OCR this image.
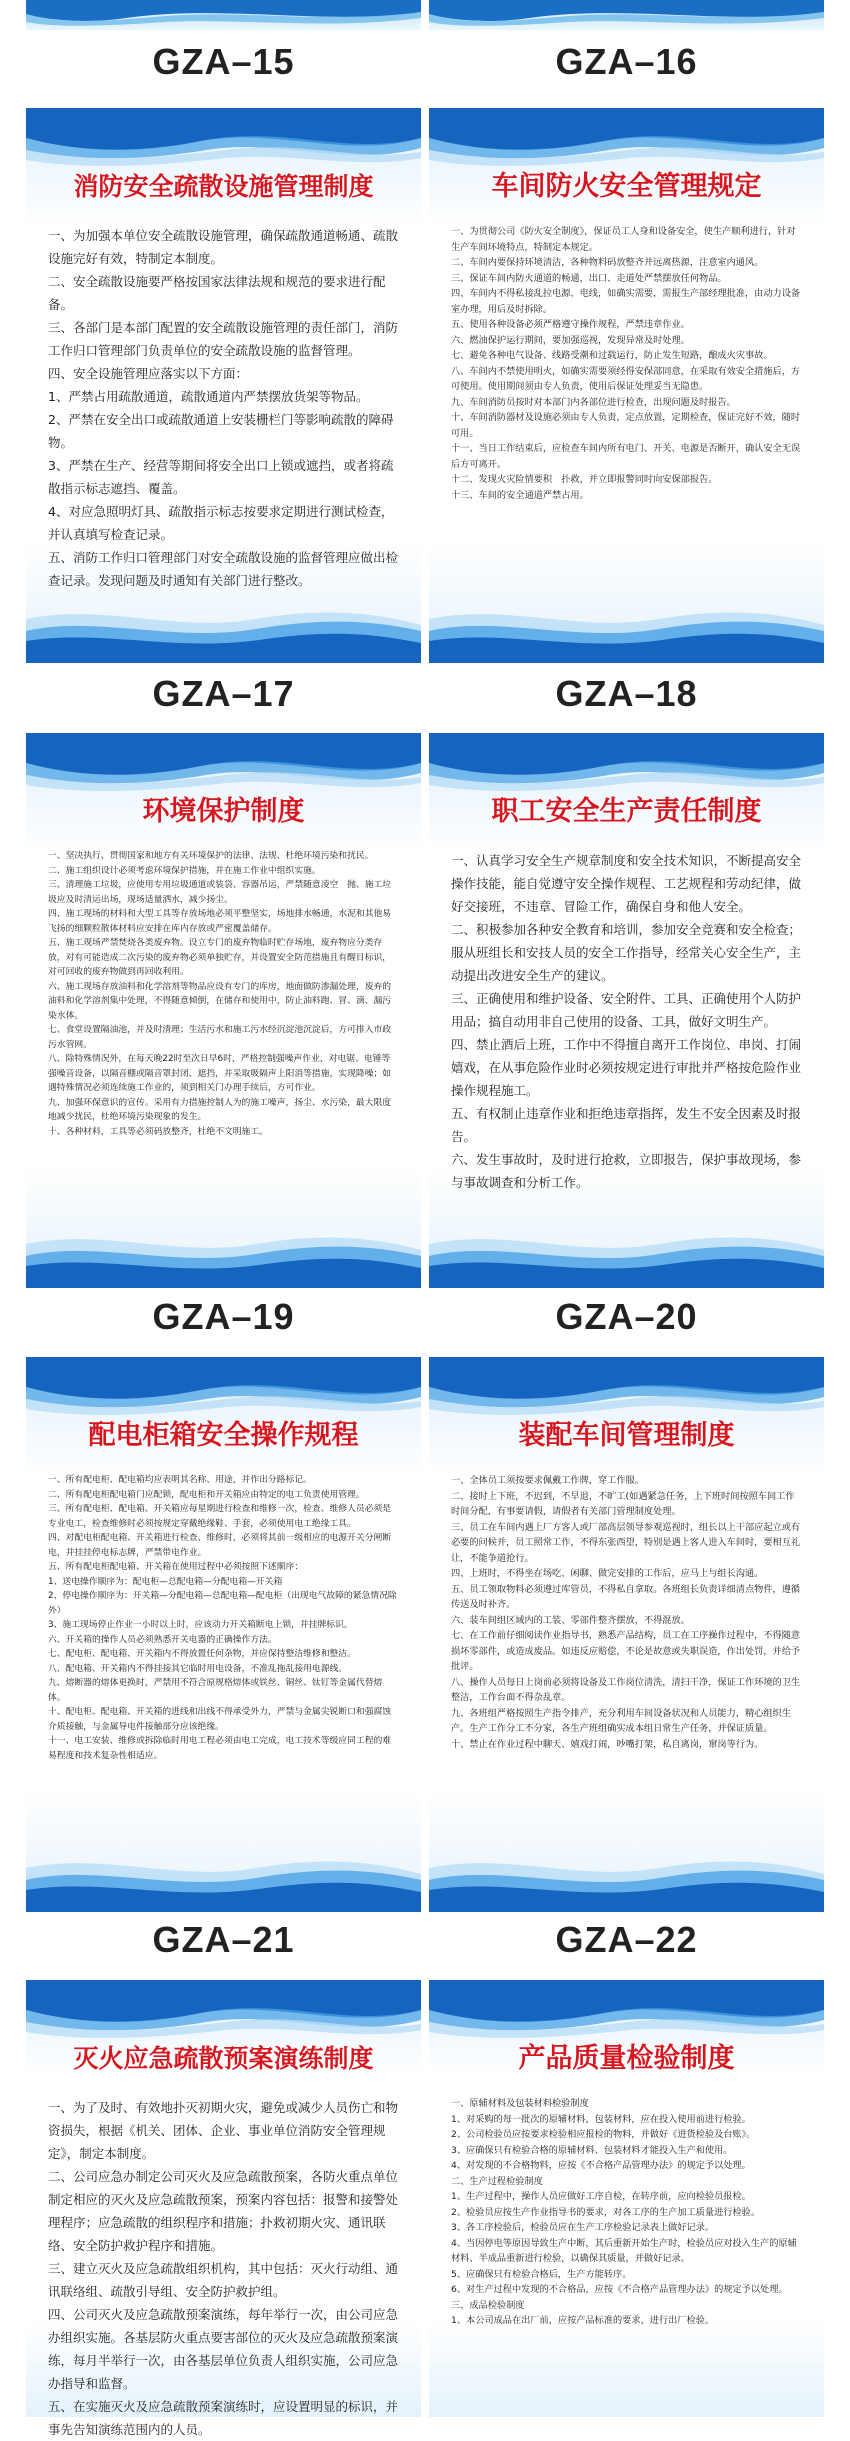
GZA–15	GZA–16
消防安全疏散设施管理制度

一、为加强本单位安全疏散设施管理，确保疏散通道畅通、疏散设施完好有效，特制定本制度。

二、安全疏散设施要严格按国家法律法规和规范的要求进行配　备。

三、各部门是本部门配置的安全疏散设施管理的责任部门，消防工作归口管理部门负责单位的安全疏散设施的监督管理。

四、安全设施管理应落实以下方面：

1、严禁占用疏散通道，疏散通道内严禁摆放货架等物品。

2、严禁在安全出口或疏散通道上安装栅栏门等影响疏散的障碍物。

3、严禁在生产、经营等期间将安全出口上锁或遮挡，或者将疏散指示标志遮挡、覆盖。

4、对应急照明灯具、疏散指示标志按要求定期进行测试检查，并认真填写检查记录。

五、消防工作归口管理部门对安全疏散设施的监督管理应做出检查记录。发现问题及时通知有关部门进行整改。

GZA–17
车间防火安全管理规定

一、为贯彻公司《防火安全制度》，保证员工人身和设备安全，使生产顺利进行，针对生产车间环境特点，特制定本规定。

二、车间内要保持环境清洁，各种物料码放整齐并远离热源，注意室内通风。

三、保证车间内防火通道的畅通，出口、走道处严禁摆放任何物品。

四、车间内不得私接乱拉电源、电线，如确实需要，需报生产部经理批准，由动力设备室办理，用后及时拆除。

五、使用各种设备必须严格遵守操作规程，严禁违章作业。

六、燃油保护运行期间，要加强巡视，发现异常及时处理。

七、避免各种电气设备、线路受潮和过载运行，防止发生短路，酿成火灾事故。

八、车间内不禁使用明火，如确实需要须经得安保部同意，在采取有效安全措施后，方可使用。使用期间须由专人负责，使用后保证处理妥当无隐患。

九、车间消防员按时对本部门内各部位进行检查，出现问题及时报告。

十、车间消防器材及设施必须由专人负责，定点放置，定期检查，保证完好不效，随时可用。

十一、当日工作结束后，应检查车间内所有电门、开关、电源是否断开，确认安全无误后方可离开。

十二、发现火灾险情要积　扑救，并立即报警同时向安保部报告。

十三、车间的安全通道严禁占用。

GZA–18
环境保护制度

一、坚决执行、贯彻国家和地方有关环境保护的法律、法规、杜绝环境污染和扰民。

二、施工组织设计必须考虑环境保护措施，并在施工作业中组织实施。

三、清理施工垃圾，应使用专用垃圾通道或装袋、容器吊运，严禁随意凌空　抛、施工垃圾应及时清运出场，现场适量洒水，减少扬尘。

四、施工现场的材料和大型工具等存放场地必须平整坚实，场地排水畅通，水泥和其他易飞扬的细颗粒散体材料应安排在库内存放或严密覆盖储存。

五、施工现场严禁焚烧各类废弃物。设立专门的废弃物临时贮存场地，废弃物应分类存放，对有可能造成二次污染的废弃物必须单独贮存，并设置安全防范措施且有醒目标识，对可回收的废弃物做到再回收利用。

六、施工现场存放油料和化学溶剂等物品应设有专门的库房，地面做防渗漏处理，废弃的油料和化学溶剂集中处理，不得随意倾倒，在储存和使用中，防止油料跑、冒、滴、漏污染水体。

七、食堂设置隔油池，并及时清理；生活污水和施工污水经沉淀池沉淀后，方可排入市政污水管网。

八、除特殊情况外，在每天晚22时至次日早6时，严格控制强噪声作业，对电锯、电锤等强噪音设备，以隔音棚或隔音罩封闭、遮挡，并采取吸隔声上阳消等措施，实现降噪；如遇特殊情况必须连续施工作业的，须到相关门办理手续后，方可作业。

九、加强环保意识的宣传。采用有力措施控制人为的施工噪声，扬尘、水污染，最大限度地减少扰民，杜绝环境污染现象的发生。

十、各种材料，工具等必须码放整齐，杜绝不文明施工。

GZA–19
职工安全生产责任制度

一、认真学习安全生产规章制度和安全技术知识，不断提高安全操作技能，能自觉遵守安全操作规程、工艺规程和劳动纪律，做好交接班，不违章、冒险工作，确保自身和他人安全。

二、积极参加各种安全教育和培训，参加安全竞赛和安全检查；服从班组长和安技人员的安全工作指导，经常关心安全生产，主动提出改进安全生产的建议。

三、正确使用和维护设备、安全附件、工具、正确使用个人防护用品；搞自动用非自己使用的设备、工具，做好文明生产。

四、禁止酒后上班，工作中不得擅自离开工作岗位、串岗、打闹嬉戏，在从事危险作业时必须按规定进行审批并严格按危险作业操作规程施工。

五、有权制止违章作业和拒绝违章指挥，发生不安全因素及时报告。

六、发生事故时，及时进行抢救，立即报告，保护事故现场，参与事故调查和分析工作。

GZA–20
配电柜箱安全操作规程

一、所有配电柜、配电箱均应表明其名称、用途，并作出分路标记。

二、所有配电柜配电箱门应配锁，配电柜和开关箱应由特定的电工负责使用管理。

三、所有配电柜、配电箱、开关箱应每星期进行检查和维修一次，检查、维修人员必须是专业电工，检查维修时必须按规定穿戴绝缘鞋、手套，必须使用电工绝缘工具。

四、对配电柜配电箱、开关箱进行检查、维修时，必须将其前一级相应的电源开关分闸断电，并挂挂停电标志牌，严禁带电作业。

五、所有配电柜配电箱、开关箱在使用过程中必须按照下述顺序：

1、送电操作顺序为：配电柜—总配电箱—分配电箱—开关箱

2、停电操作顺序为：开关箱—分配电箱—总配电箱—配电柜（出现电气故障的紧急情况除外）

3、施工现场停止作业一小时以上时，应该动力开关箱断电上锁，并挂牌标识。

六、开关箱的操作人员必须熟悉开关电器的正确操作方法。

七、配电柜、配电箱、开关箱内不得放置任何杂物，并应保持整洁维修和整洁。

八、配电箱、开关箱内不得挂接其它临时用电设备，不准乱拖乱接用电源线。

九、熔断器的熔体更换时，严禁用不符合原规格熔体或铁丝、铜丝、钛钉等金属代替熔体。

十、配电柜、配电箱、开关箱的进线和出线不得承受外力，严禁与金属尖锐断口和强腐蚀介质接触，与金属导电件接触部分应该绝缘。

十一、电工安装、维修或拆除临时用电工程必须由电工完成，电工技术等级应同工程的难易程度和技术复杂性相适应。

GZA–21
装配车间管理制度

一、全体员工须按要求佩戴工作牌，穿工作服。

二、接时上下班，不迟到，不早退，不旷工(如遇紧急任务，上下班时间按照车间工作时间分配，有事要请假，请假者有关部门管理制度处理。

三、员工在车间内遇上厂方客人或厂部高层领导参观巡视时，组长以上干部应起立或有必要的问候并，员工照常工作，不得东张西望，特别是遇上客人进入车间时，要相互礼让，不能争道抢行。

四、上班时，不得坐在场吃、闲聊、做完安排的工作后，应马上与组长沟通。

五、员工领取物料必须遵过库管员，不得私自拿取。各班组长负责详细清点物件，遵循传送及时补齐。

六、装车间组区域内的工装、零部件整齐摆放，不得混放。

七、在工作前仔细阅读作业指导书，熟悉产品结构，员工在工序操作过程中，不得随意损坏零部件，或造成废品。如违反应赔偿，不论是故意或失职误造，作出处罚，并给予批评。

八、操作人员每日上岗前必须将设备及工作岗位清洗，清扫干净，保证工作环境的卫生整洁，工作台面不得杂乱章。

九、各班组严格按照生产指令排产，充分利用车间设备状况和人员能力，精心组织生产。生产工作分工不分家，各生产班组确实成本组日常生产任务，并保证质量。

十、禁止在作业过程中聊天、嬉戏打闹，吵嘴打架，私自离岗，窜岗等行为。

GZA–22
灭火应急疏散预案演练制度

一、为了及时、有效地扑灭初期火灾，避免或减少人员伤亡和物资损失，根据《机关、团体、企业、事业单位消防安全管理规定》，制定本制度。

二、公司应急办制定公司灭火及应急疏散预案，各防火重点单位制定相应的灭火及应急疏散预案，预案内容包括：报警和接警处理程序；应急疏散的组织程序和措施；扑救初期火灾、通讯联络、安全防护救护程序和措施。

三、建立灭火及应急疏散组织机构，其中包括：灭火行动组、通讯联络组、疏散引导组、安全防护救护组。

四、公司灭火及应急疏散预案演练，每年举行一次，由公司应急办组织实施。各基层防火重点要害部位的灭火及应急疏散预案演练，每月半举行一次，由各基层单位负责人组织实施，公司应急办指导和监督。

五、在实施灭火及应急疏散预案演练时，应设置明显的标识，并事先告知演练范围内的人员。

产品质量检验制度

一、原辅材料及包装材料检验制度

1、对采购的每一批次的原辅材料，包装材料，应在投入使用前进行检验。

2、公司检验员应按要求检验相应报检的物料，并做好《进货检验及台账》。

3、应确保只有检验合格的原辅材料、包装材料才能投入生产和使用。

4、对发现的不合格物料，应按《不合格产品管理办法》的规定予以处理。

二、生产过程检验制度

1、生产过程中，操作人员应做好工序自检，在转序前，应向检验员报检。

2、检验员应按生产作业指导书的要求，对各工序的生产加工质量进行检验。

3、各工序检验后，检验员应在生产工序检验记录表上做好记录。

4、当因停电等原因导致生产中断，其后重新开始生产时，检验员应对投入生产的原辅材料、半成品重新进行检验，以确保其质量，并做好记录。

5、应确保只有检验合格后，生产方能转序。

6、对生产过程中发现的不合格品，应按《不合格产品管理办法》的规定予以处理。

三、成品检验制度

1、本公司成品在出厂前，应按产品标准的要求，进行出厂检验。
